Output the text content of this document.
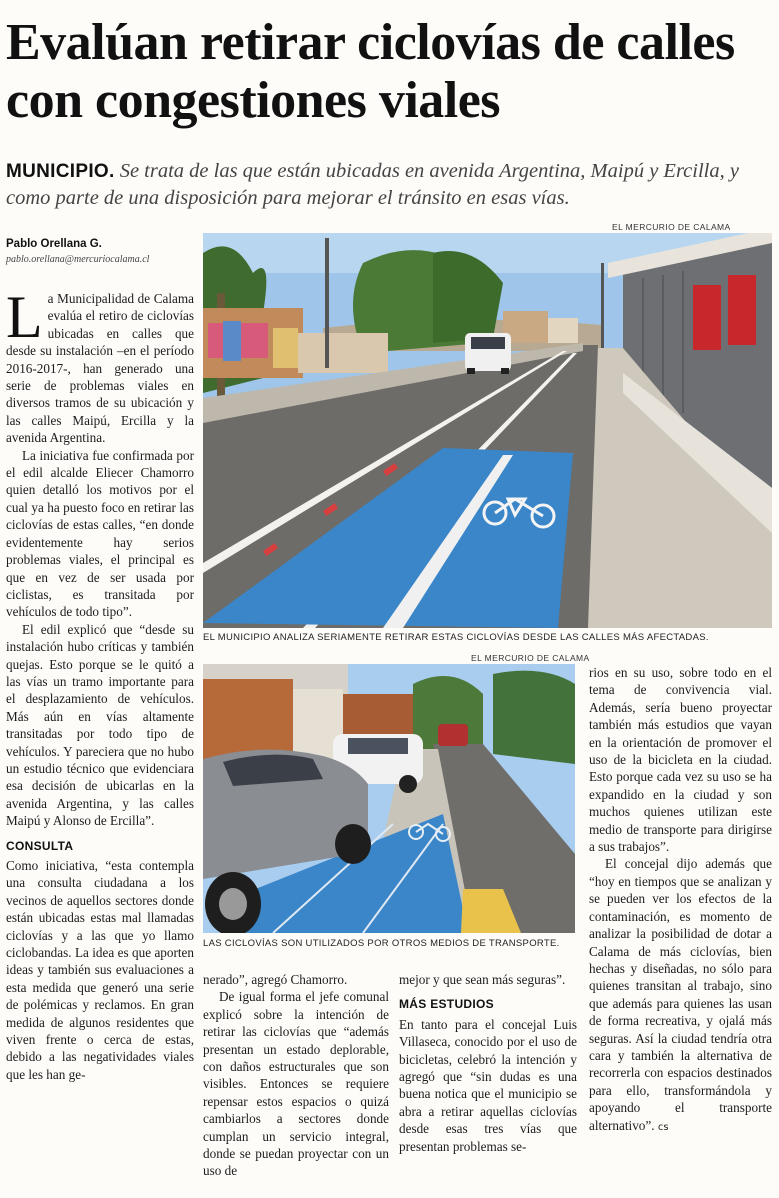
Evalúan retirar ciclovías de calles con congestiones viales

MUNICIPIO. Se trata de las que están ubicadas en avenida Argentina, Maipú y Ercilla, y como parte de una disposición para mejorar el tránsito en esas vías.

Pablo Orellana G.
pablo.orellana@mercuriocalama.cl
EL MERCURIO DE CALAMA

EL MUNICIPIO ANALIZA SERIAMENTE RETIRAR ESTAS CICLOVÍAS DESDE LAS CALLES MÁS AFECTADAS.

EL MERCURIO DE CALAMA

LAS CICLOVÍAS SON UTILIZADOS POR OTROS MEDIOS DE TRANSPORTE.

La Municipalidad de Calama evalúa el retiro de ciclovías ubicadas en calles que desde su instalación –en el período 2016-2017-, han generado una serie de problemas viales en diversos tramos de su ubicación y las calles Maipú, Ercilla y la avenida Argentina.

La iniciativa fue confirmada por el edil alcalde Eliecer Chamorro quien detalló los motivos por el cual ya ha puesto foco en retirar las ciclovías de estas calles, “en donde evidentemente hay serios problemas viales, el principal es que en vez de ser usada por ciclistas, es transitada por vehículos de todo tipo”.

El edil explicó que “desde su instalación hubo críticas y también quejas. Esto porque se le quitó a las vías un tramo importante para el desplazamiento de vehículos. Más aún en vías altamente transitadas por todo tipo de vehículos. Y pareciera que no hubo un estudio técnico que evidenciara esa decisión de ubicarlas en la avenida Argentina, y las calles Maipú y Alonso de Ercilla”.

CONSULTA

Como iniciativa, “esta contempla una consulta ciudadana a los vecinos de aquellos sectores donde están ubicadas estas mal llamadas ciclovías y a las que yo llamo ciclobandas. La idea es que aporten ideas y también sus evaluaciones a esta medida que generó una serie de polémicas y reclamos. En gran medida de algunos residentes que viven frente o cerca de estas, debido a las negatividades viales que les han ge-

nerado”, agregó Chamorro.

De igual forma el jefe comunal explicó sobre la intención de retirar las ciclovías que “además presentan un estado deplorable, con daños estructurales que son visibles. Entonces se requiere repensar estos espacios o quizá cambiarlos a sectores donde cumplan un servicio integral, donde se puedan proyectar con un uso de

mejor y que sean más seguras”.

MÁS ESTUDIOS

En tanto para el concejal Luis Villaseca, conocido por el uso de bicicletas, celebró la intención y agregó que “sin dudas es una buena notica que el municipio se abra a retirar aquellas ciclovías desde esas tres vías que presentan problemas se-

rios en su uso, sobre todo en el tema de convivencia vial. Además, sería bueno proyectar también más estudios que vayan en la orientación de promover el uso de la bicicleta en la ciudad. Esto porque cada vez su uso se ha expandido en la ciudad y son muchos quienes utilizan este medio de transporte para dirigirse a sus trabajos”.

El concejal dijo además que “hoy en tiempos que se analizan y se pueden ver los efectos de la contaminación, es momento de analizar la posibilidad de dotar a Calama de más ciclovías, bien hechas y diseñadas, no sólo para quienes transitan al trabajo, sino que además para quienes las usan de forma recreativa, y ojalá más seguras. Así la ciudad tendría otra cara y también la alternativa de recorrerla con espacios destinados para ello, transformándola y apoyando el transporte alternativo”. cs
